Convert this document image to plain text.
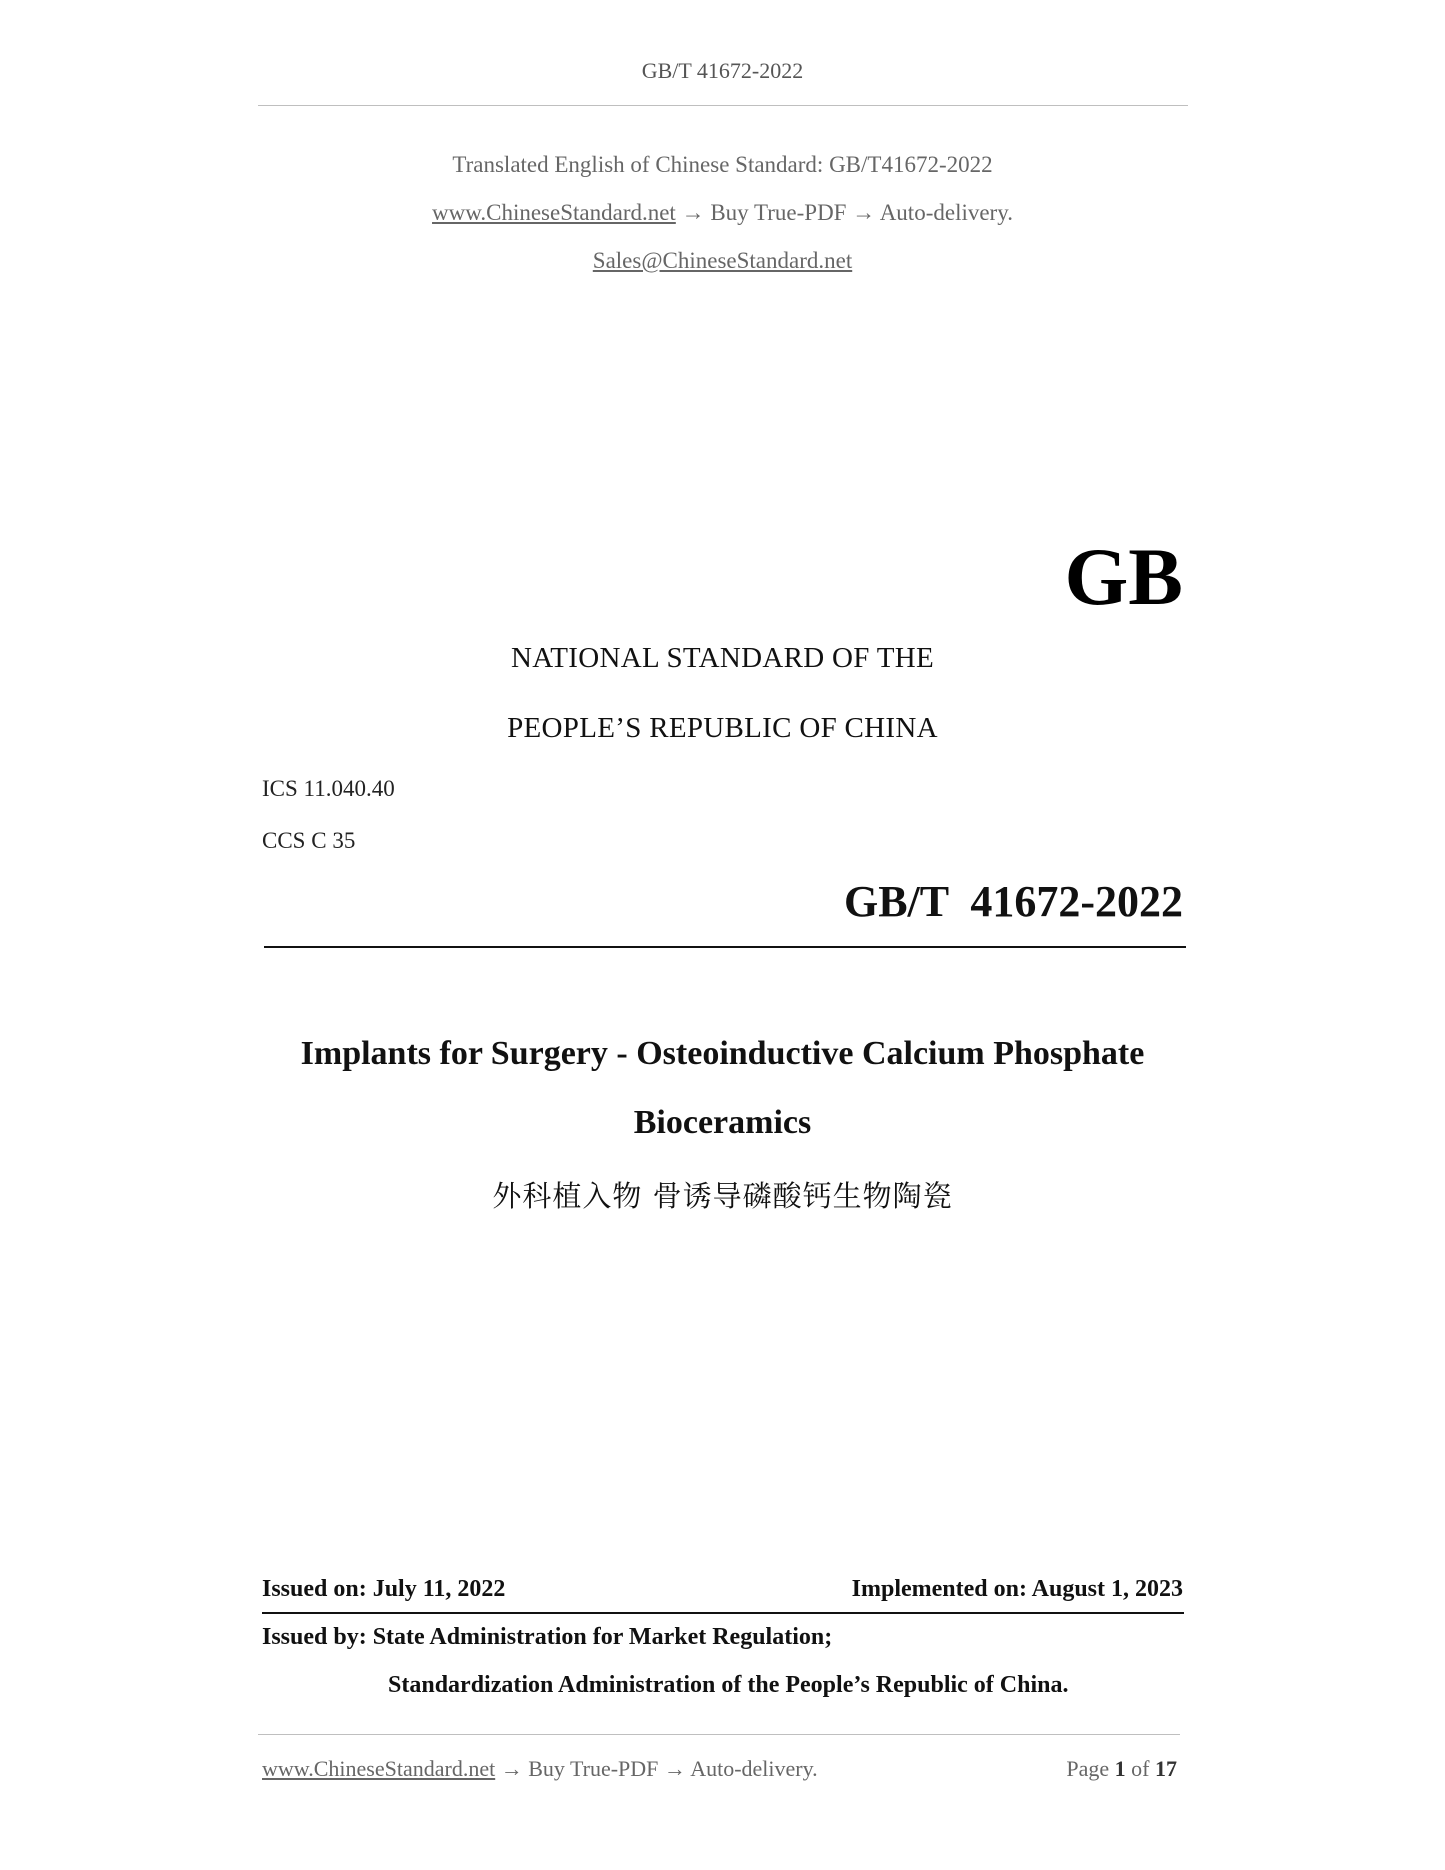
GB/T 41672-2022
Translated English of Chinese Standard: GB/T41672-2022
www.ChineseStandard.net → Buy True-PDF → Auto-delivery.
Sales@ChineseStandard.net
GB
NATIONAL STANDARD OF THE
PEOPLE’S REPUBLIC OF CHINA
ICS 11.040.40
CCS C 35
GB/T  41672-2022
Implants for Surgery - Osteoinductive Calcium Phosphate
Bioceramics
外科植入物 骨诱导磷酸钙生物陶瓷
Issued on: July 11, 2022	Implemented on: August 1, 2023
Issued by: State Administration for Market Regulation;
Standardization Administration of the People’s Republic of China.
www.ChineseStandard.net → Buy True-PDF → Auto-delivery.	Page 1 of 17
